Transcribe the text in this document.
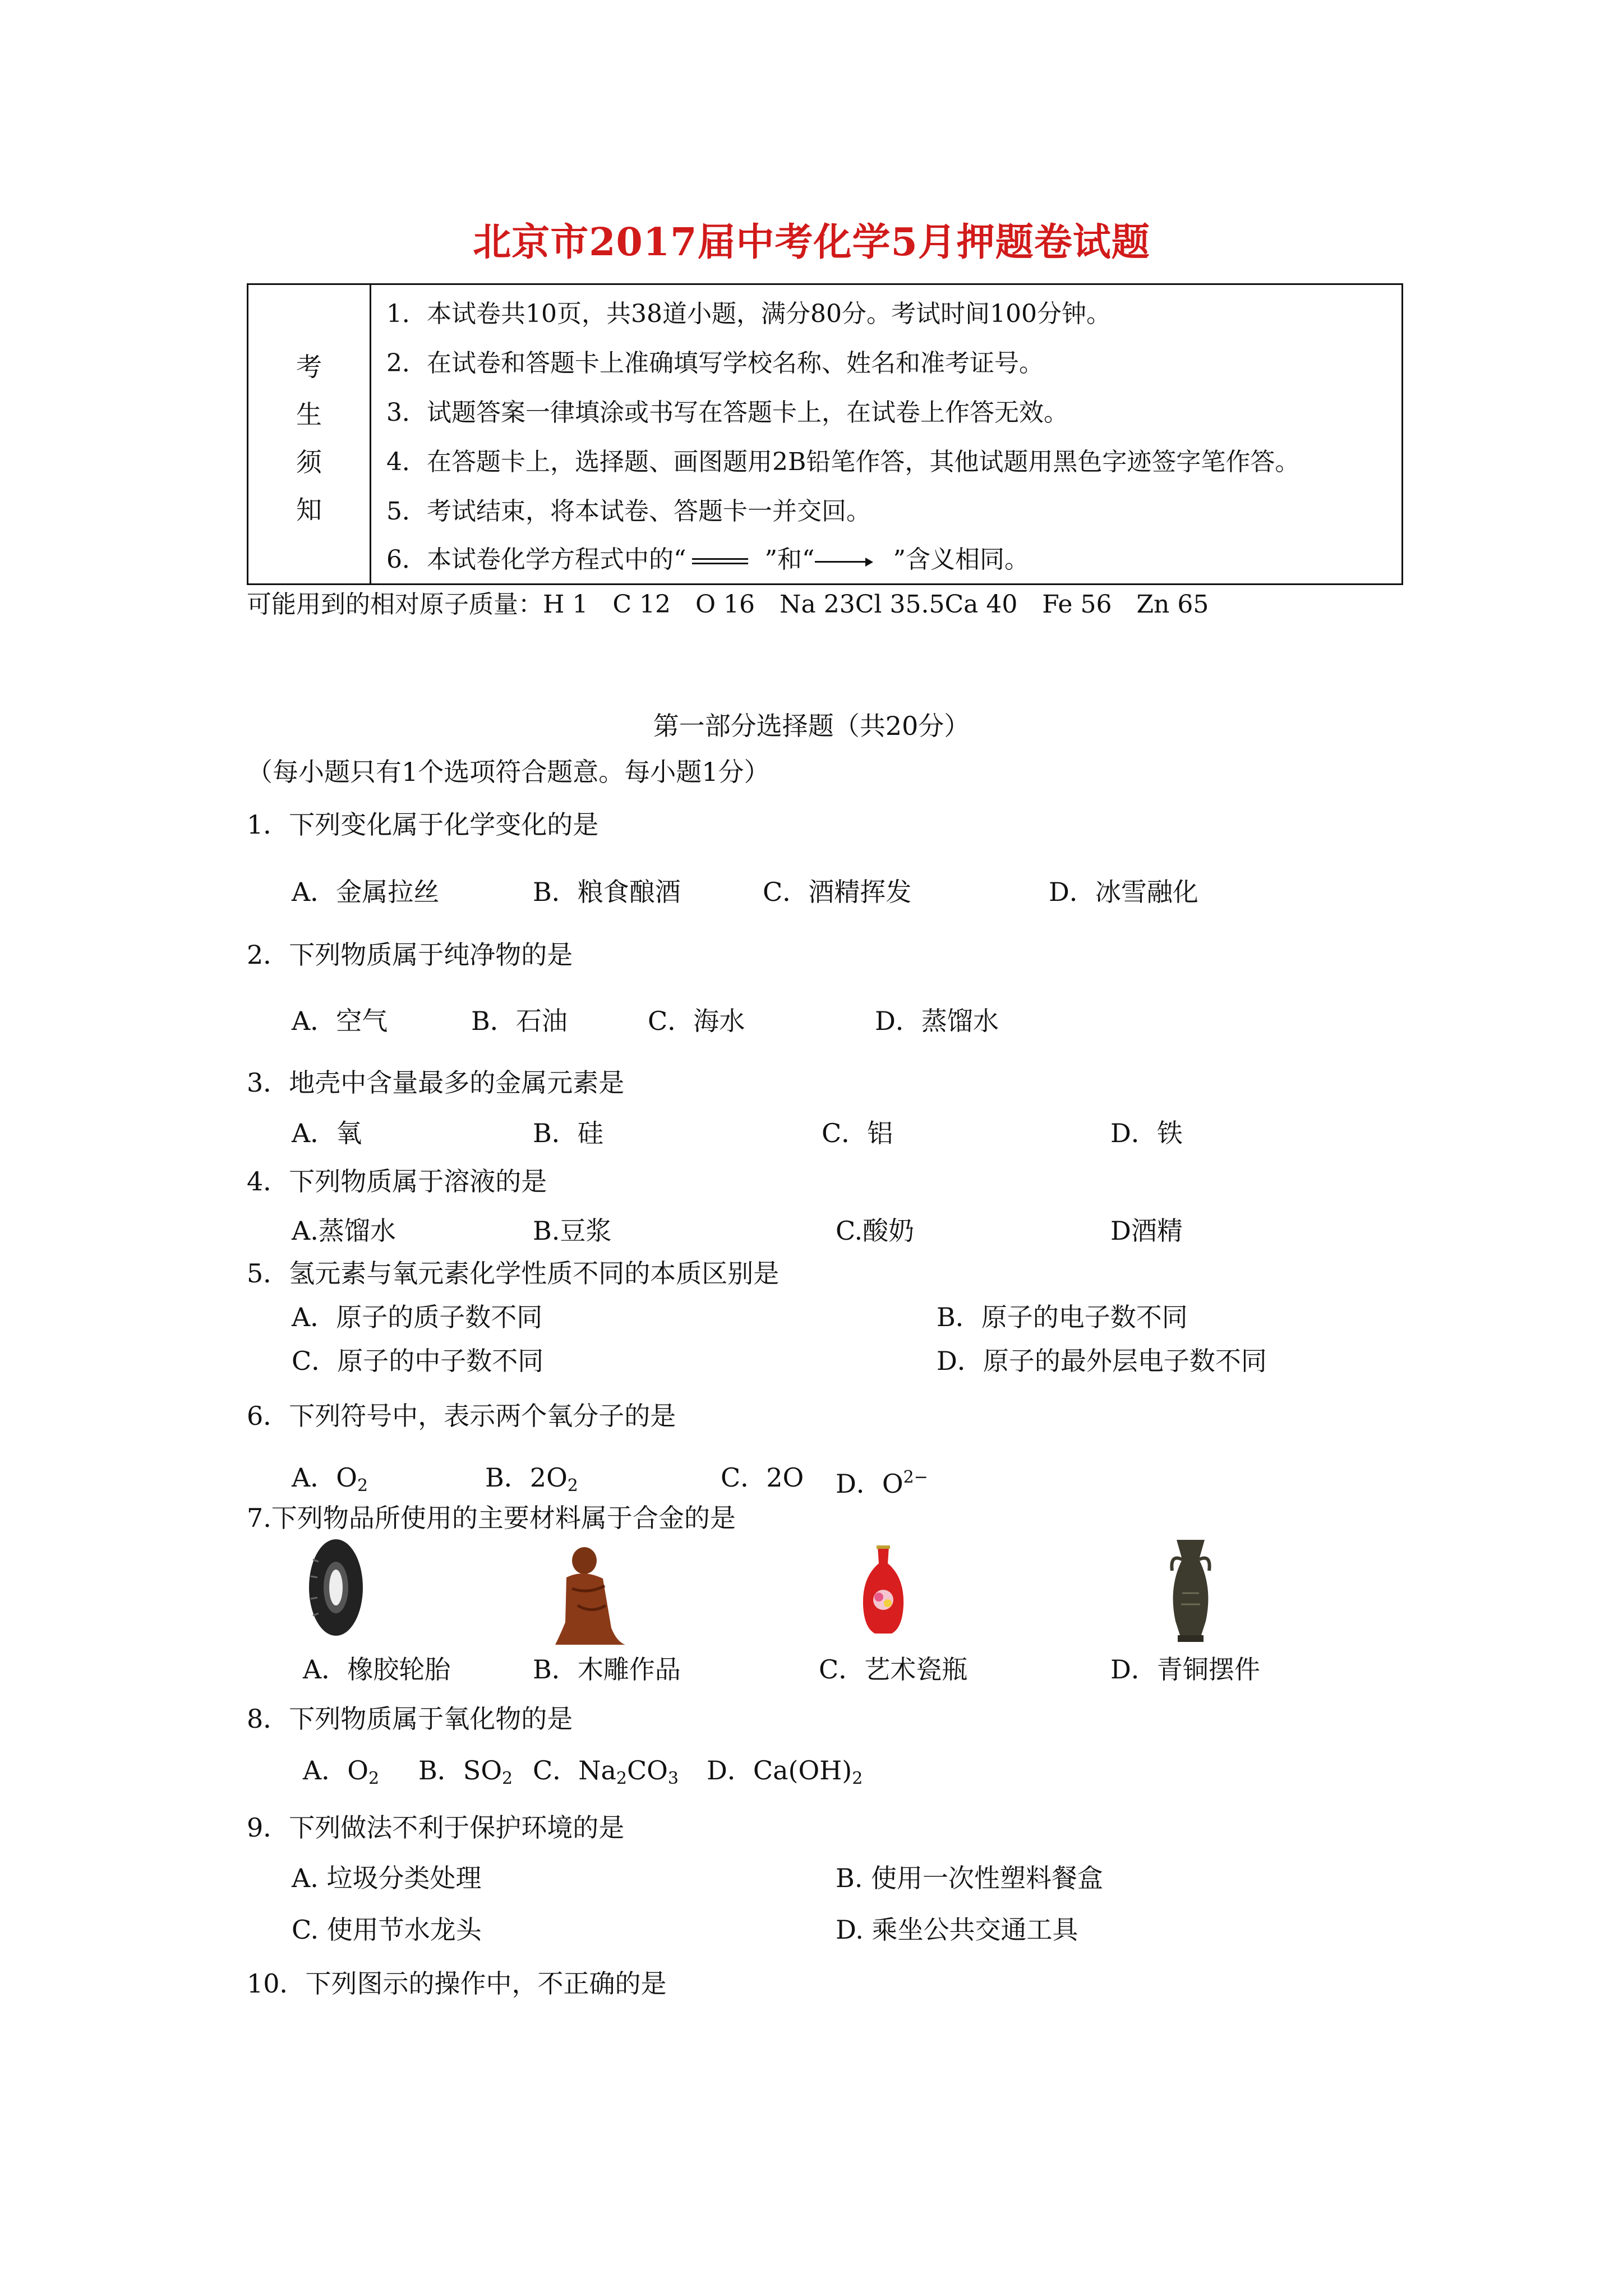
北京市2017届中考化学5月押题卷试题
考
生
须
知
1．本试卷共10页，共38道小题，满分80分。考试时间100分钟。
2．在试卷和答题卡上准确填写学校名称、姓名和准考证号。
3．试题答案一律填涂或书写在答题卡上，在试卷上作答无效。
4．在答题卡上，选择题、画图题用2B铅笔作答，其他试题用黑色字迹签字笔作答。
5．考试结束，将本试卷、答题卡一并交回。
6．本试卷化学方程式中的“	”和“	”含义相同。
可能用到的相对原子质量：H 1　C 12　O 16　Na 23Cl 35.5Ca 40　Fe 56　Zn 65
第一部分选择题（共20分）
（每小题只有1个选项符合题意。每小题1分）
1．下列变化属于化学变化的是
A．金属拉丝	B．粮食酿酒	C．酒精挥发	D．冰雪融化
2．下列物质属于纯净物的是
A．空气	B．石油	C．海水	D．蒸馏水
3．地壳中含量最多的金属元素是
A．氧	B．硅	C．铝	D．铁
4．下列物质属于溶液的是
A.蒸馏水	B.豆浆	C.酸奶	D酒精
5．氢元素与氧元素化学性质不同的本质区别是
A．原子的质子数不同	B．原子的电子数不同
C．原子的中子数不同	D．原子的最外层电子数不同
6．下列符号中，表示两个氧分子的是
A．$O_2$	B．$2O_2$	C．2O D．$O^{2-}$
7.下列物品所使用的主要材料属于合金的是
A．橡胶轮胎	B．木雕作品	C．艺术瓷瓶	D．青铜摆件
8．下列物质属于氧化物的是
A．$O_2$ B．$SO_2$ C．$Na_2CO_3$ D．$Ca(OH)_2$
9．下列做法不利于保护环境的是
A. 垃圾分类处理	B. 使用一次性塑料餐盒
C. 使用节水龙头	D. 乘坐公共交通工具
10．下列图示的操作中，不正确的是
